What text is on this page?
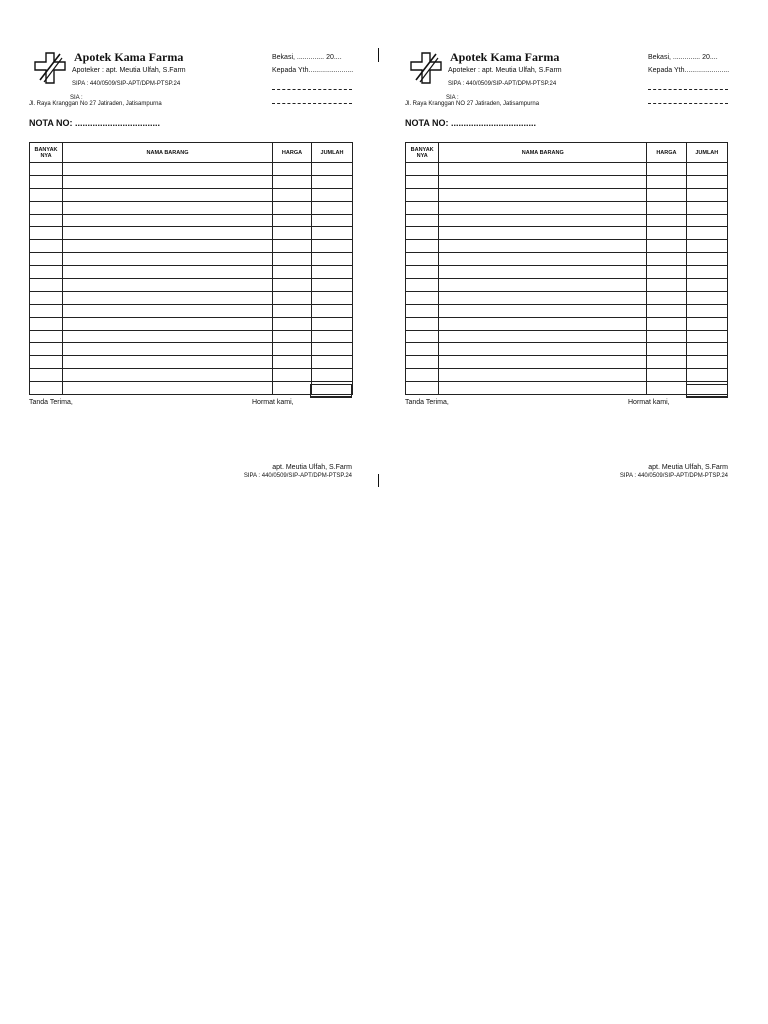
Apotek Kama Farma
Apoteker : apt. Meutia Ulfah, S.Farm
SIPA : 440/0509/SIP-APT/DPM-PTSP.24
SIA :
Jl. Raya Kranggan No 27 Jatiraden, Jatisampurna
Bekasi, .............. 20....
Kepada Yth.......................
NOTA NO: ..................................
BANYAK NYA	NAMA BARANG	HARGA	JUMLAH

Tanda Terima,	Hormat kami,
apt. Meutia Ulfah, S.Farm
SIPA : 440/0509/SIP-APT/DPM-PTSP.24
Apotek Kama Farma
Apoteker : apt. Meutia Ulfah, S.Farm
SIPA : 440/0509/SIP-APT/DPM-PTSP.24
SIA :
Jl. Raya Kranggan NO 27 Jatiraden, Jatisampurna
Bekasi, .............. 20....
Kepada Yth.......................
NOTA NO: ..................................
BANYAK NYA	NAMA BARANG	HARGA	JUMLAH

Tanda Terima,	Hormat kami,
apt. Meutia Ulfah, S.Farm
SIPA : 440/0509/SIP-APT/DPM-PTSP.24
